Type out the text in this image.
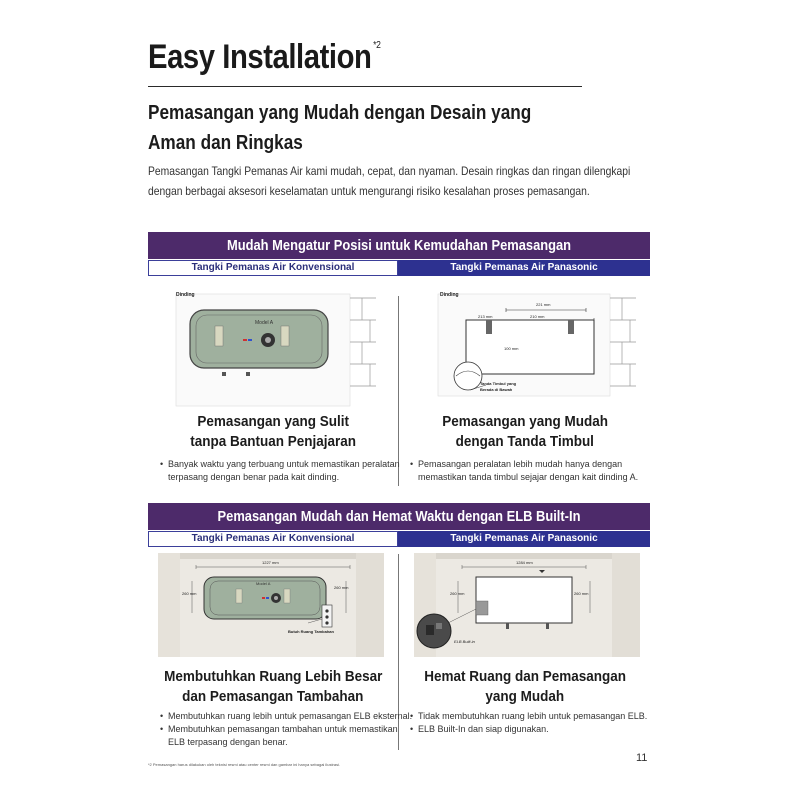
Easy Installation $^{*2}$
Pemasangan yang Mudah dengan Desain yang
Aman dan Ringkas
Pemasangan Tangki Pemanas Air kami mudah, cepat, dan nyaman. Desain ringkas dan ringan dilengkapi
dengan berbagai aksesori keselamatan untuk mengurangi risiko kesalahan proses pemasangan.
Mudah Mengatur Posisi untuk Kemudahan Pemasangan
Tangki Pemanas Air Konvensional	Tangki Pemanas Air Panasonic
Dinding
Model A
Dinding
221 mm
213 mm	210 mm
100 mm
Tanda Timbul yang
Berada di Bawah
Pemasangan yang Sulit
tanpa Bantuan Penjajaran
• Banyak waktu yang terbuang untuk memastikan peralatan
terpasang dengan benar pada kait dinding.
Pemasangan yang Mudah
dengan Tanda Timbul
• Pemasangan peralatan lebih mudah hanya dengan
memastikan tanda timbul sejajar dengan kait dinding A.
Pemasangan Mudah dan Hemat Waktu dengan ELB Built-In
Tangki Pemanas Air Konvensional	Tangki Pemanas Air Panasonic
1227 mm
260 mm
260 mm
Model A
Butuh Ruang Tambahan
1284 mm
260 mm	260 mm
ELB Built-in
Membutuhkan Ruang Lebih Besar
dan Pemasangan Tambahan
• Membutuhkan ruang lebih untuk pemasangan ELB eksternal.
• Membutuhkan pemasangan tambahan untuk memastikan
ELB terpasang dengan benar.
Hemat Ruang dan Pemasangan
yang Mudah
• Tidak membutuhkan ruang lebih untuk pemasangan ELB.
• ELB Built-In dan siap digunakan.
*2 Pemasangan harus dilakukan oleh teknisi resmi atau center resmi dan gambar ini hanya sebagai ilustrasi.
11
